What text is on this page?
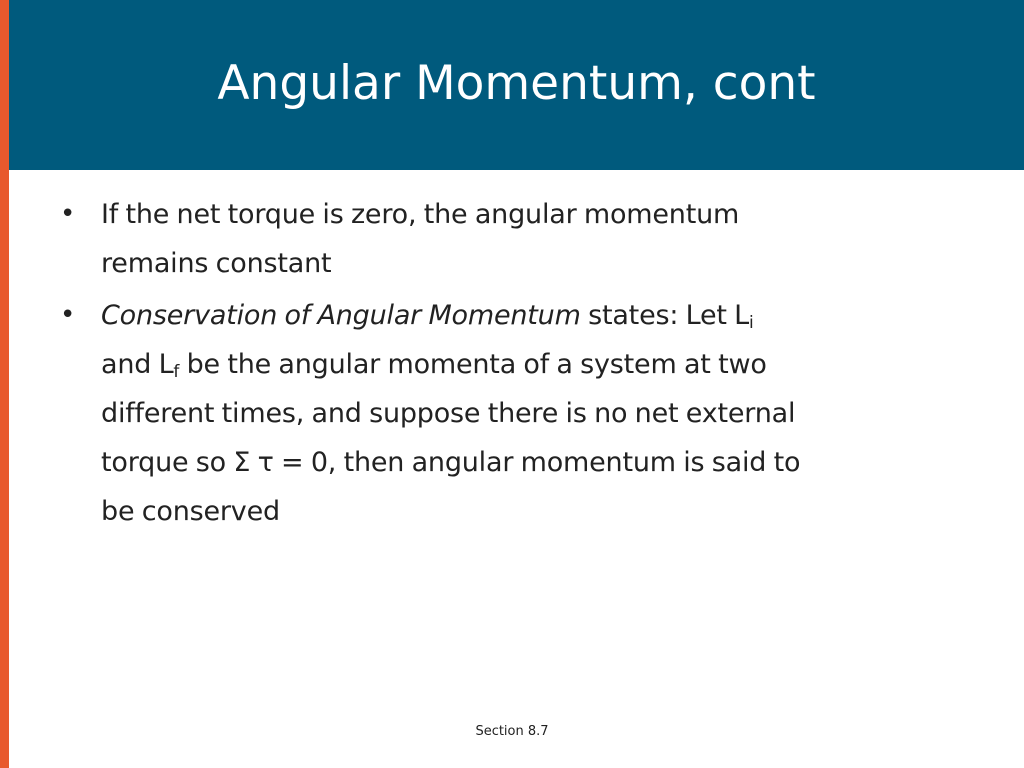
Angular Momentum, cont
• If the net torque is zero, the angular momentum
remains constant
• Conservation of Angular Momentum states: Let $L_i$
and $L_f$ be the angular momenta of a system at two
different times, and suppose there is no net external
torque so Σ τ = 0, then angular momentum is said to
be conserved
Section 8.7
